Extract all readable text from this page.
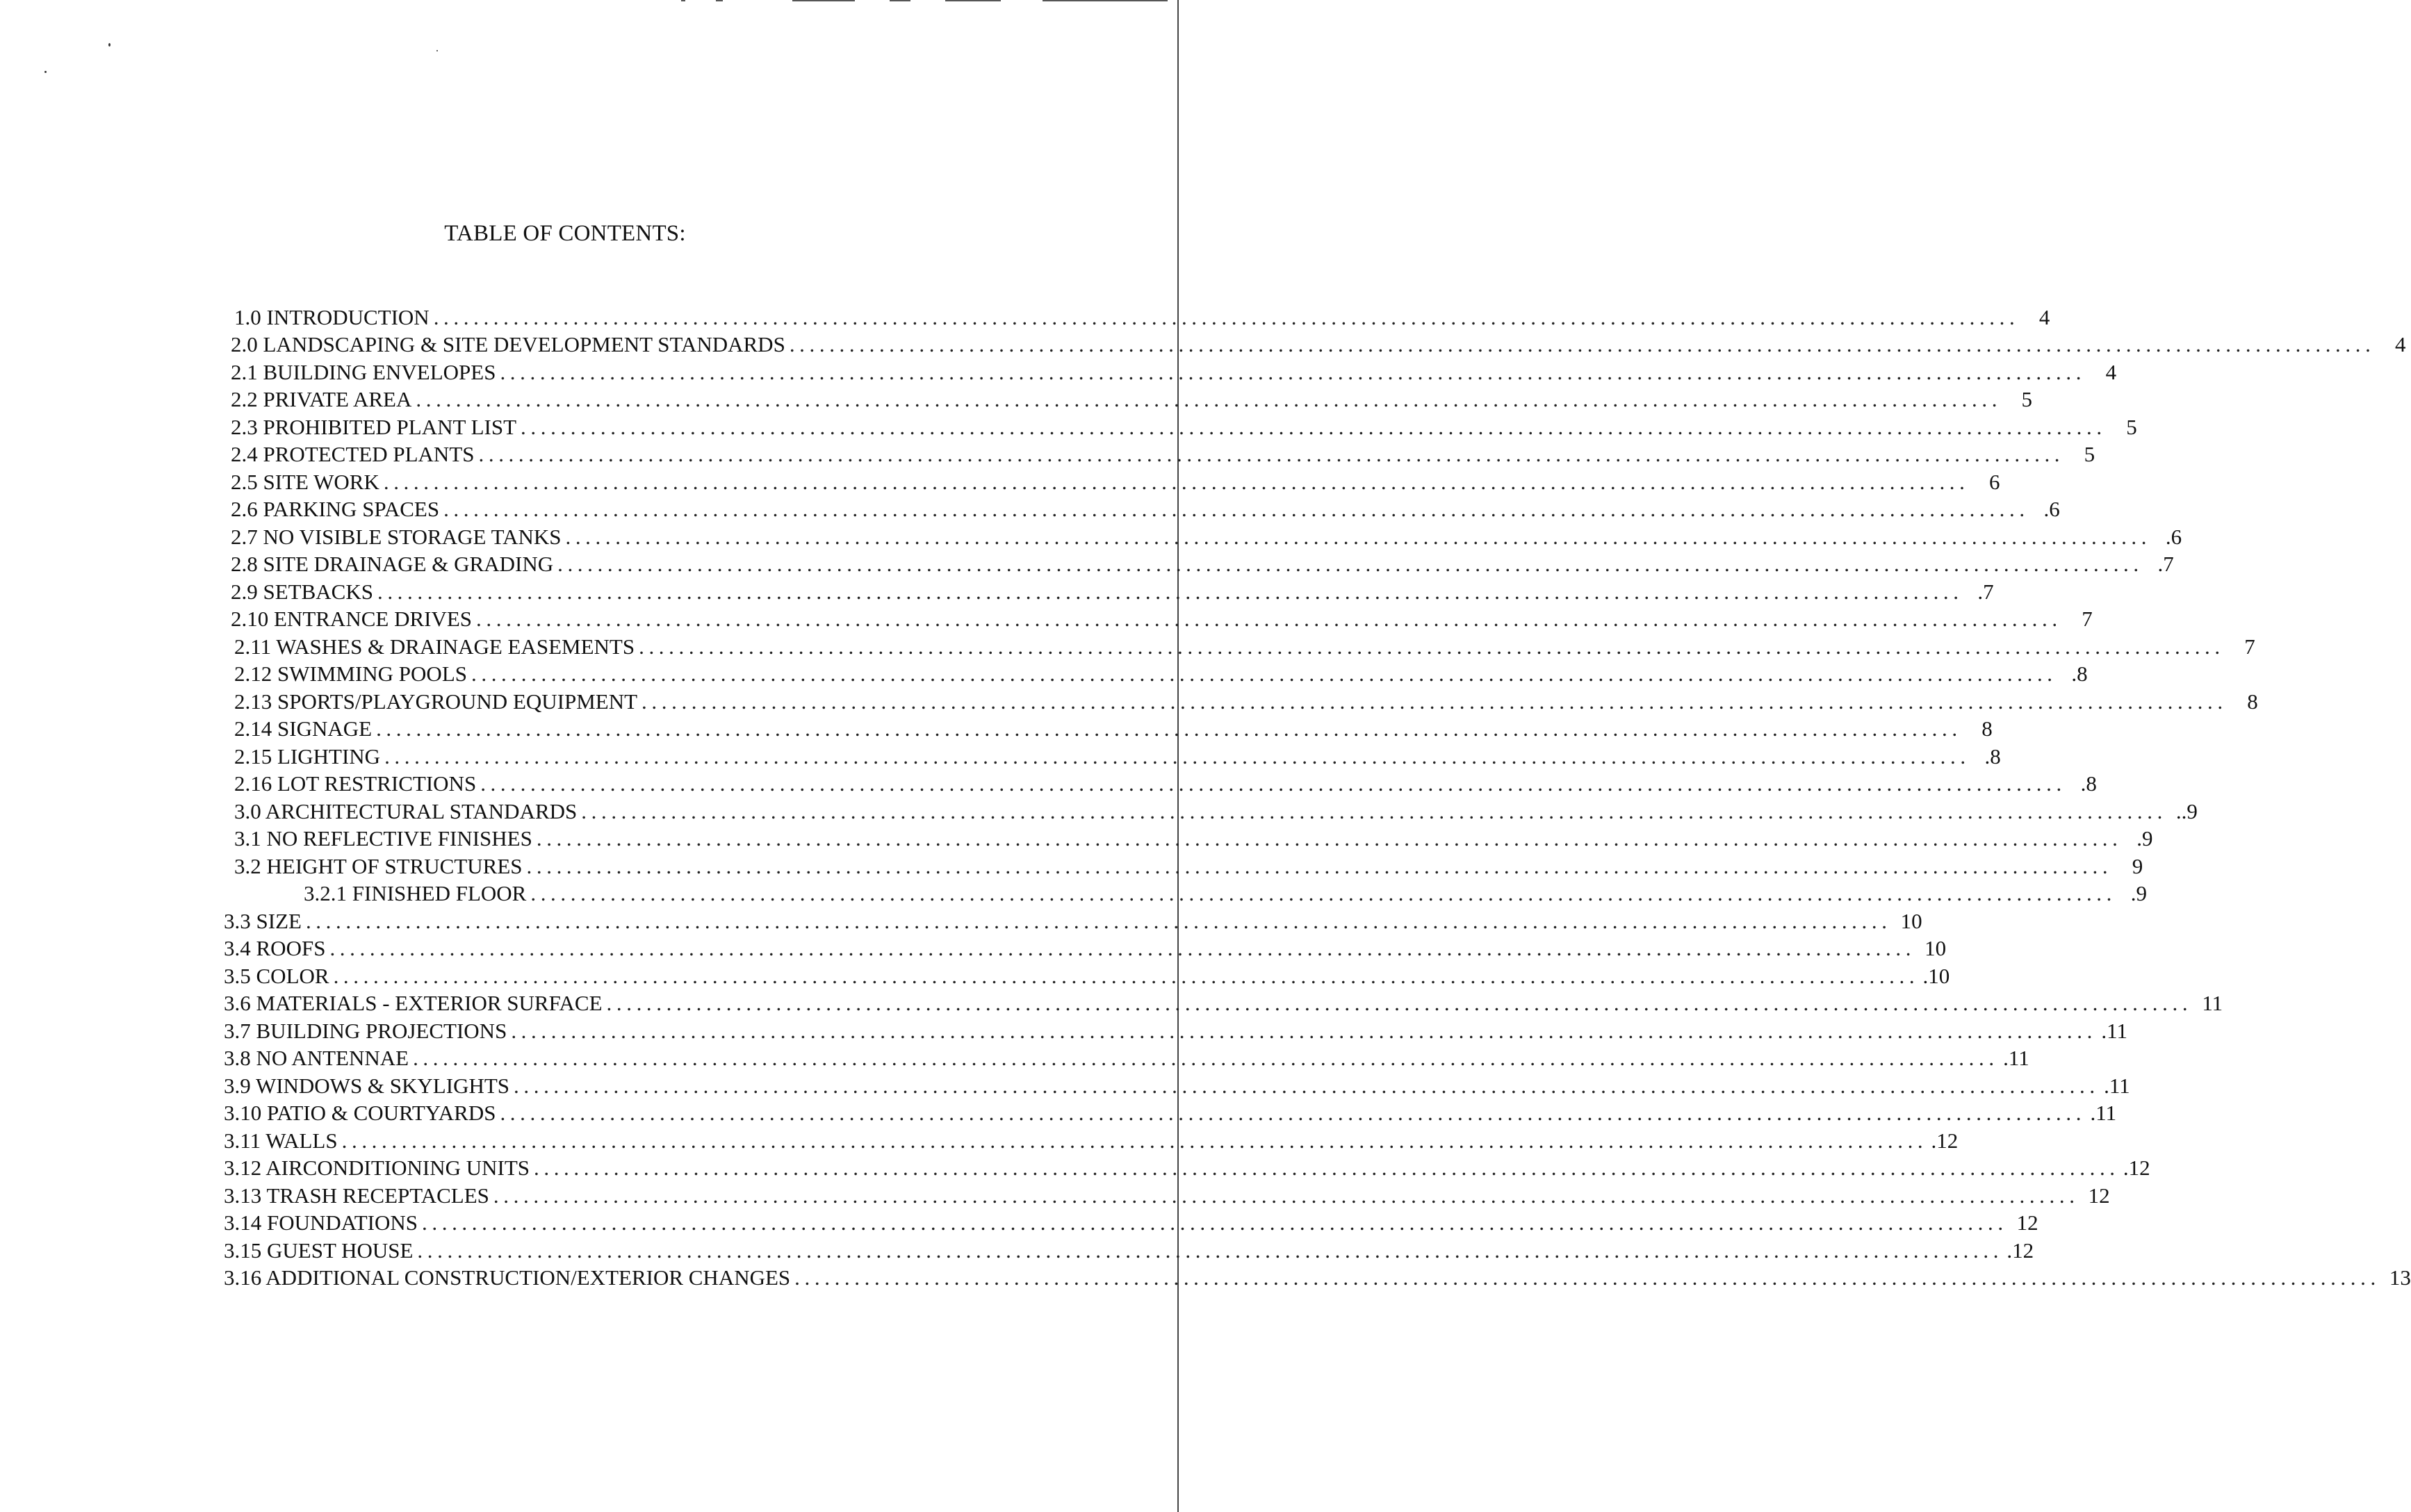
TABLE OF CONTENTS:
1.0 INTRODUCTION ............................................................................................................................................................... 4
2.0 LANDSCAPING & SITE DEVELOPMENT STANDARDS ............................................................................................................................................................... 4
2.1 BUILDING ENVELOPES ............................................................................................................................................................... 4
2.2 PRIVATE AREA ............................................................................................................................................................... 5
2.3 PROHIBITED PLANT LIST ............................................................................................................................................................... 5
2.4 PROTECTED PLANTS ............................................................................................................................................................... 5
2.5 SITE WORK ............................................................................................................................................................... 6
2.6 PARKING SPACES ............................................................................................................................................................... .6
2.7 NO VISIBLE STORAGE TANKS ............................................................................................................................................................... .6
2.8 SITE DRAINAGE & GRADING ............................................................................................................................................................... .7
2.9 SETBACKS ............................................................................................................................................................... .7
2.10 ENTRANCE DRIVES ............................................................................................................................................................... 7
2.11 WASHES & DRAINAGE EASEMENTS ............................................................................................................................................................... 7
2.12 SWIMMING POOLS ............................................................................................................................................................... .8
2.13 SPORTS/PLAYGROUND EQUIPMENT ............................................................................................................................................................... 8
2.14 SIGNAGE ............................................................................................................................................................... 8
2.15 LIGHTING ............................................................................................................................................................... .8
2.16 LOT RESTRICTIONS ............................................................................................................................................................... .8
3.0 ARCHITECTURAL STANDARDS ............................................................................................................................................................... ..9
3.1 NO REFLECTIVE FINISHES ............................................................................................................................................................... .9
3.2 HEIGHT OF STRUCTURES ............................................................................................................................................................... 9
3.2.1 FINISHED FLOOR ............................................................................................................................................................... .9
3.3 SIZE ............................................................................................................................................................... 10
3.4 ROOFS ............................................................................................................................................................... 10
3.5 COLOR ............................................................................................................................................................... .10
3.6 MATERIALS - EXTERIOR SURFACE ............................................................................................................................................................... 11
3.7 BUILDING PROJECTIONS ............................................................................................................................................................... .11
3.8 NO ANTENNAE ............................................................................................................................................................... .11
3.9 WINDOWS & SKYLIGHTS ............................................................................................................................................................... .11
3.10 PATIO & COURTYARDS ............................................................................................................................................................... .11
3.11 WALLS ............................................................................................................................................................... .12
3.12 AIRCONDITIONING UNITS ............................................................................................................................................................... .12
3.13 TRASH RECEPTACLES ............................................................................................................................................................... 12
3.14 FOUNDATIONS ............................................................................................................................................................... 12
3.15 GUEST HOUSE ............................................................................................................................................................... .12
3.16 ADDITIONAL CONSTRUCTION/EXTERIOR CHANGES ............................................................................................................................................................... 13
